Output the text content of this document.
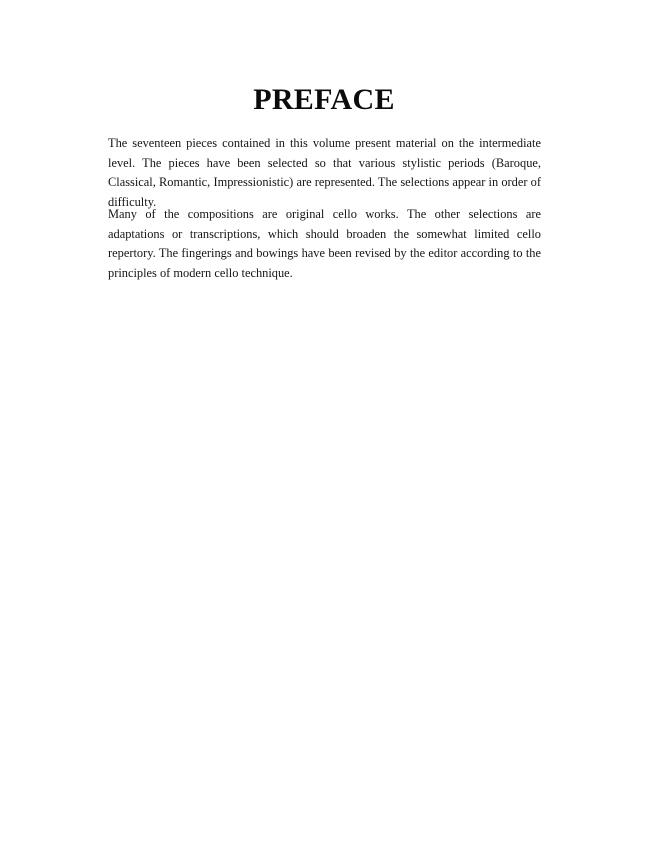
PREFACE

The seventeen pieces contained in this volume present material on the intermediate level. The pieces have been selected so that various stylistic periods (Baroque, Classical, Romantic, Impressionistic) are represented. The selections appear in order of difficulty.

Many of the compositions are original cello works. The other selections are adaptations or transcriptions, which should broaden the somewhat limited cello repertory. The fingerings and bowings have been revised by the editor according to the principles of modern cello technique.
